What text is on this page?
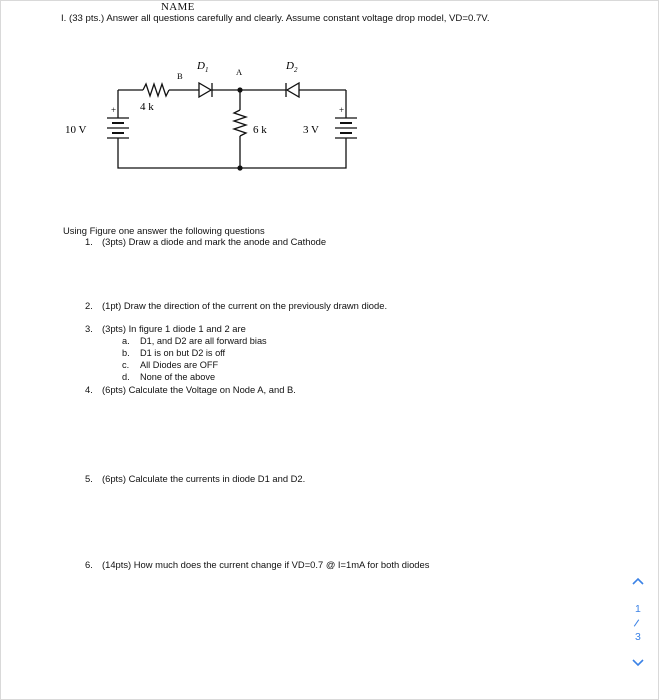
NAME
I. (33 pts.) Answer all questions carefully and clearly. Assume constant voltage drop model, VD=0.7V.
10 V
+ 4 k
6 k	3 V
+
B	A
D 1	D 2
Using Figure one answer the following questions
1. (3pts) Draw a diode and mark the anode and Cathode
2. (1pt) Draw the direction of the current on the previously drawn diode.
3. (3pts) In figure 1 diode 1 and 2 are
a. D1, and D2 are all forward bias
b. D1 is on but D2 is off
c. All Diodes are OFF
d. None of the above
4. (6pts) Calculate the Voltage on Node A, and B.
5. (6pts) Calculate the currents in diode D1 and D2.
6. (14pts) How much does the current change if VD=0.7 @ I=1mA for both diodes
1
3
